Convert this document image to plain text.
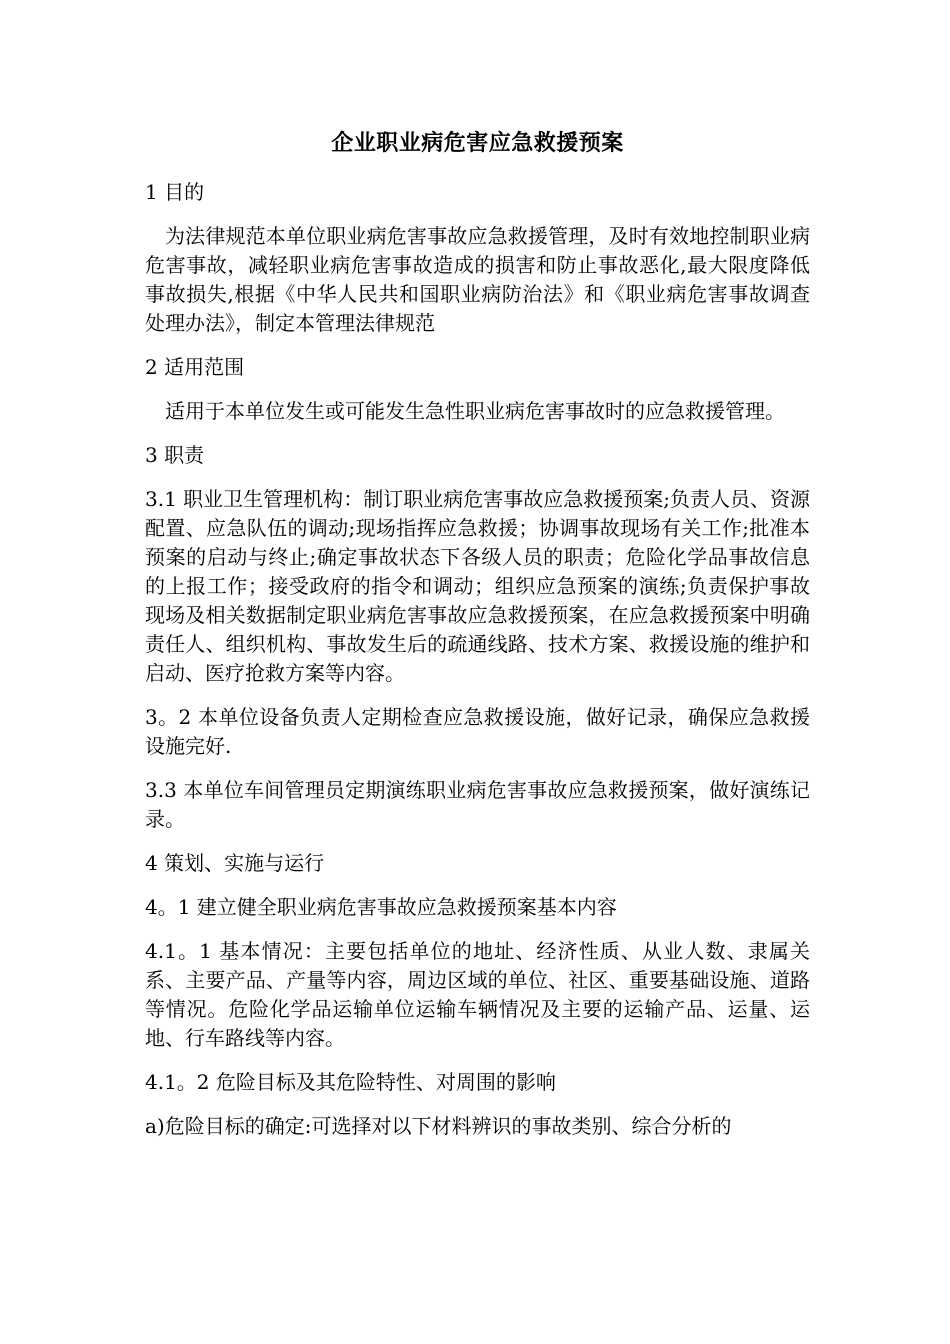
企业职业病危害应急救援预案

1 目的

为法律规范本单位职业病危害事故应急救援管理，及时有效地控制职业病危害事故，减轻职业病危害事故造成的损害和防止事故恶化,最大限度降低事故损失,根据《中华人民共和国职业病防治法》和《职业病危害事故调查处理办法》，制定本管理法律规范

2 适用范围

适用于本单位发生或可能发生急性职业病危害事故时的应急救援管理。

3 职责

3.1 职业卫生管理机构：制订职业病危害事故应急救援预案;负责人员、资源配置、应急队伍的调动;现场指挥应急救援；协调事故现场有关工作;批准本预案的启动与终止;确定事故状态下各级人员的职责；危险化学品事故信息的上报工作；接受政府的指令和调动；组织应急预案的演练;负责保护事故现场及相关数据制定职业病危害事故应急救援预案，在应急救援预案中明确责任人、组织机构、事故发生后的疏通线路、技术方案、救援设施的维护和启动、医疗抢救方案等内容。

3。2 本单位设备负责人定期检查应急救援设施，做好记录，确保应急救援设施完好.

3.3 本单位车间管理员定期演练职业病危害事故应急救援预案，做好演练记录。

4 策划、实施与运行

4。1 建立健全职业病危害事故应急救援预案基本内容

4.1。1 基本情况：主要包括单位的地址、经济性质、从业人数、隶属关系、主要产品、产量等内容，周边区域的单位、社区、重要基础设施、道路等情况。危险化学品运输单位运输车辆情况及主要的运输产品、运量、运地、行车路线等内容。

4.1。2 危险目标及其危险特性、对周围的影响

a)危险目标的确定:可选择对以下材料辨识的事故类别、综合分析的
